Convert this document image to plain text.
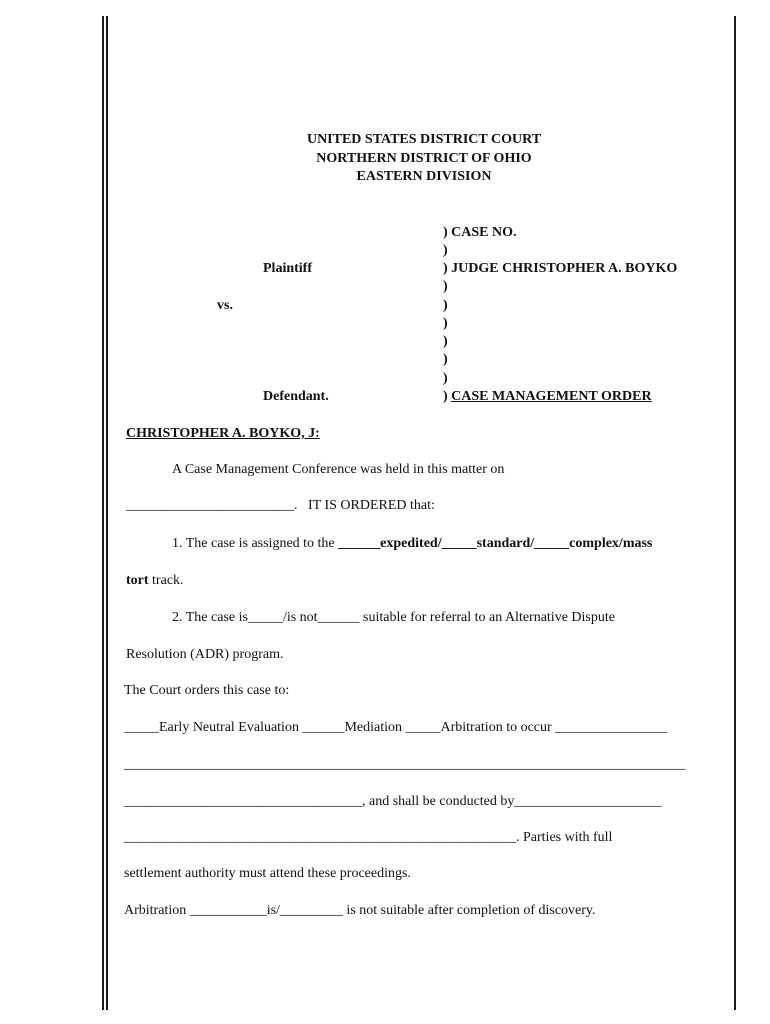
UNITED STATES DISTRICT COURT
NORTHERN DISTRICT OF OHIO
EASTERN DIVISION
Plaintiff
vs.
Defendant.
) CASE NO.
)
) JUDGE CHRISTOPHER A. BOYKO
)
)
)
)
)
)
) CASE MANAGEMENT ORDER
CHRISTOPHER A. BOYKO, J:
A Case Management Conference was held in this matter on
________________________.   IT IS ORDERED that:
1. The case is assigned to the ______expedited/_____standard/_____complex/mass
tort track.
2. The case is_____/is not______ suitable for referral to an Alternative Dispute
Resolution (ADR) program.
The Court orders this case to:
_____Early Neutral Evaluation ______Mediation _____Arbitration to occur ________________
______________________________________________________________________________
__________________________________, and shall be conducted by_____________________
________________________________________________________. Parties with full
settlement authority must attend these proceedings.
Arbitration ___________is/_________ is not suitable after completion of discovery.
